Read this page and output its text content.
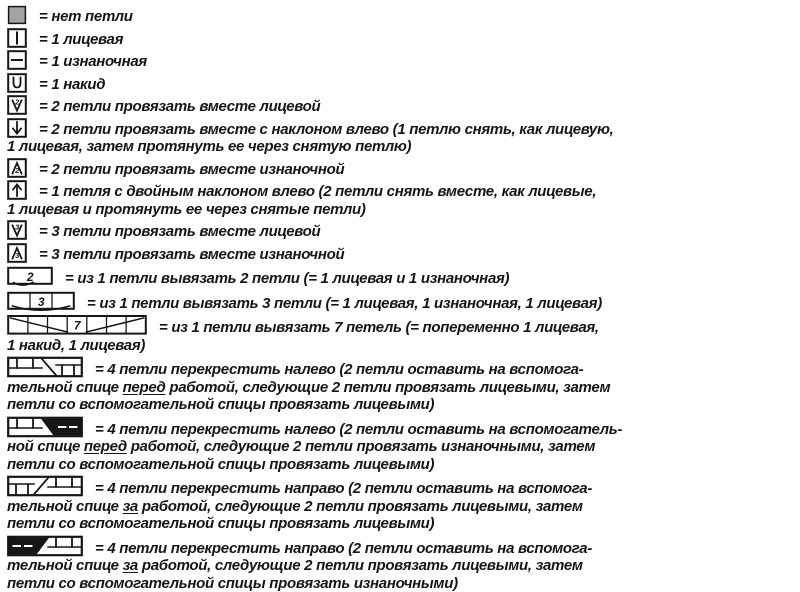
= нет петли
= 1 лицевая
= 1 изнаночная
= 1 накид
2 = 2 петли провязать вместе лицевой
= 2 петли провязать вместе с наклоном влево (1 петлю снять, как лицевую,
1 лицевая, затем протянуть ее через снятую петлю)
2 = 2 петли провязать вместе изнаночной
= 1 петля с двойным наклоном влево (2 петли снять вместе, как лицевые,
1 лицевая и протянуть ее через снятые петли)
3 = 3 петли провязать вместе лицевой
3 = 3 петли провязать вместе изнаночной
2 = из 1 петли вывязать 2 петли (= 1 лицевая и 1 изнаночная)
3	= из 1 петли вывязать 3 петли (= 1 лицевая, 1 изнаночная, 1 лицевая)
7	= из 1 петли вывязать 7 петель (= попеременно 1 лицевая,
1 накид, 1 лицевая)
= 4 петли перекрестить налево (2 петли оставить на вспомога-
тельной спице перед работой, следующие 2 петли провязать лицевыми, затем
петли со вспомогательной спицы провязать лицевыми)
= 4 петли перекрестить налево (2 петли оставить на вспомогатель-
ной спице перед работой, следующие 2 петли провязать изнаночными, затем
петли со вспомогательной спицы провязать лицевыми)
= 4 петли перекрестить направо (2 петли оставить на вспомога-
тельной спице за работой, следующие 2 петли провязать лицевыми, затем
петли со вспомогательной спицы провязать лицевыми)
= 4 петли перекрестить направо (2 петли оставить на вспомога-
тельной спице за работой, следующие 2 петли провязать лицевыми, затем
петли со вспомогательной спицы провязать изнаночными)
